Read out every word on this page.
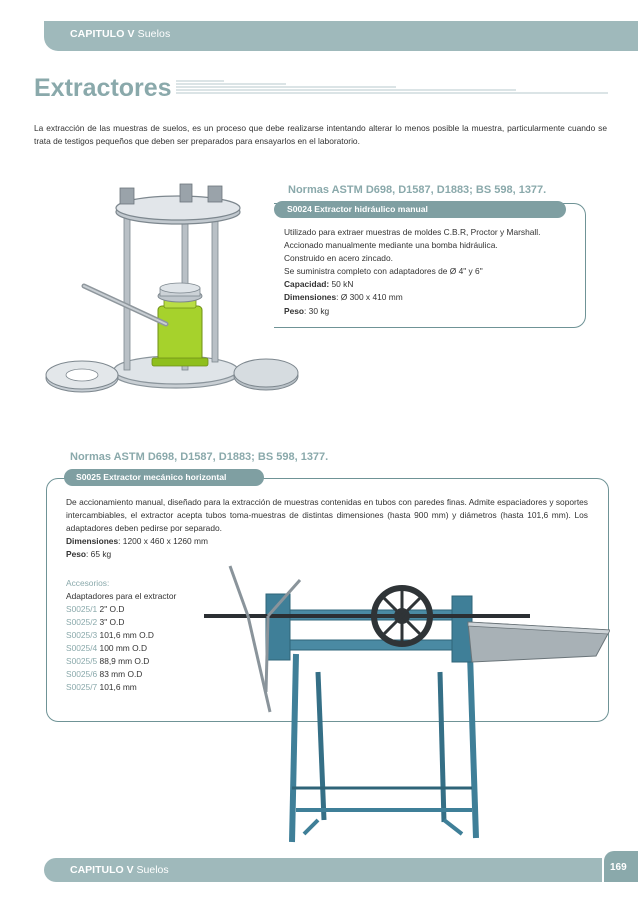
CAPITULO V Suelos
Extractores

La extracción de las muestras de suelos, es un proceso que debe realizarse intentando alterar lo menos posible la muestra, particularmente cuando se trata de testigos pequeños que deben ser preparados para ensayarlos en el laboratorio.

Normas ASTM D698, D1587, D1883; BS 598, 1377.
S0024 Extractor hidráulico manual
Utilizado para extraer muestras de moldes C.B.R, Proctor y Marshall.
Accionado manualmente mediante una bomba hidráulica.
Construido en acero zincado.
Se suministra completo con adaptadores de Ø 4" y 6"
Capacidad: 50 kN
Dimensiones: Ø 300 x 410 mm
Peso: 30 kg
Normas ASTM D698, D1587, D1883; BS 598, 1377.
S0025 Extractor mecánico horizontal
De accionamiento manual, diseñado para la extracción de muestras contenidas en tubos con paredes finas. Admite espaciadores y soportes intercambiables, el extractor acepta tubos toma-muestras de distintas dimensiones (hasta 900 mm) y diámetros (hasta 101,6 mm). Los adaptadores deben pedirse por separado.
Dimensiones: 1200 x 460 x 1260 mm
Peso: 65 kg
Accesorios:
Adaptadores para el extractor
S0025/1 2" O.D
S0025/2 3" O.D
S0025/3 101,6 mm O.D
S0025/4 100 mm O.D
S0025/5 88,9 mm O.D
S0025/6 83 mm O.D
S0025/7 101,6 mm
CAPITULO V Suelos	169
